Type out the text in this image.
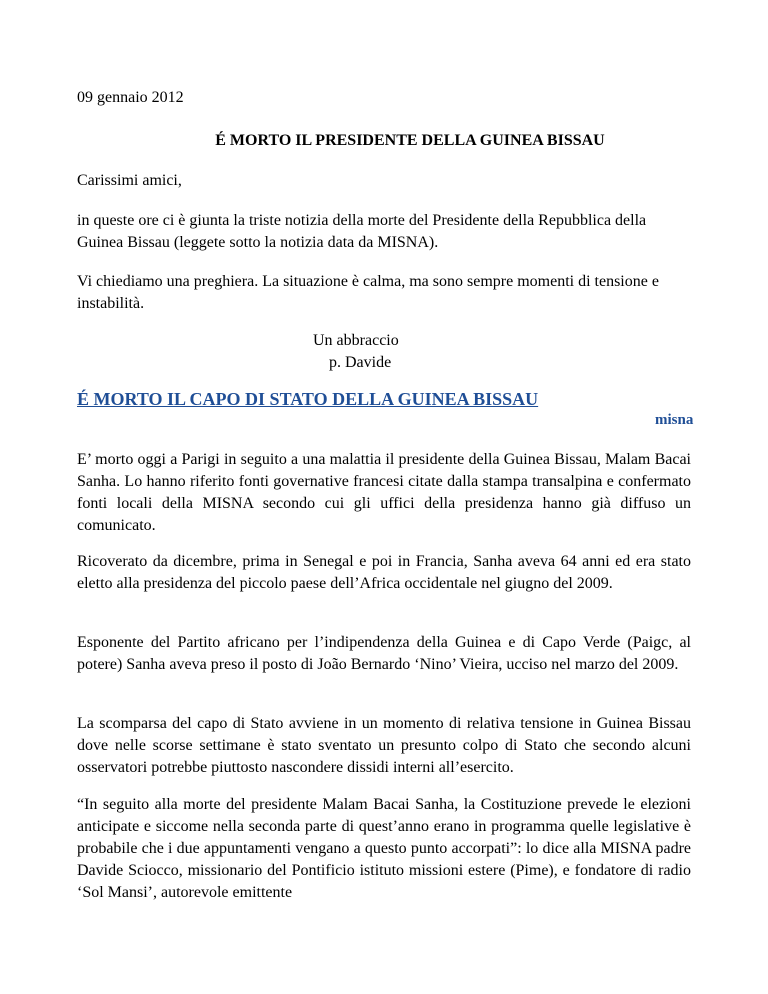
09 gennaio 2012

É MORTO IL PRESIDENTE DELLA GUINEA BISSAU

Carissimi amici,

in queste ore ci è giunta la triste notizia della morte del Presidente della Repubblica della Guinea Bissau (leggete sotto la notizia data da MISNA).

Vi chiediamo una preghiera. La situazione è calma, ma sono sempre momenti di tensione e instabilità.

Un abbraccio

p. Davide

É MORTO IL CAPO DI STATO DELLA GUINEA BISSAU

misna

E’ morto oggi a Parigi in seguito a una malattia il presidente della Guinea Bissau, Malam Bacai Sanha. Lo hanno riferito fonti governative francesi citate dalla stampa transalpina e confermato fonti locali della MISNA secondo cui gli uffici della presidenza hanno già diffuso un comunicato.

Ricoverato da dicembre, prima in Senegal e poi in Francia, Sanha aveva 64 anni ed era stato eletto alla presidenza del piccolo paese dell’Africa occidentale nel giugno del 2009.

Esponente del Partito africano per l’indipendenza della Guinea e di Capo Verde (Paigc, al potere) Sanha aveva preso il posto di João Bernardo ‘Nino’ Vieira, ucciso nel marzo del 2009.

La scomparsa del capo di Stato avviene in un momento di relativa tensione in Guinea Bissau dove nelle scorse settimane è stato sventato un presunto colpo di Stato che secondo alcuni osservatori potrebbe piuttosto nascondere dissidi interni all’esercito.

“In seguito alla morte del presidente Malam Bacai Sanha, la Costituzione prevede le elezioni anticipate e siccome nella seconda parte di quest’anno erano in programma quelle legislative è probabile che i due appuntamenti vengano a questo punto accorpati”: lo dice alla MISNA padre Davide Sciocco, missionario del Pontificio istituto missioni estere (Pime), e fondatore di radio ‘Sol Mansi’, autorevole emittente
